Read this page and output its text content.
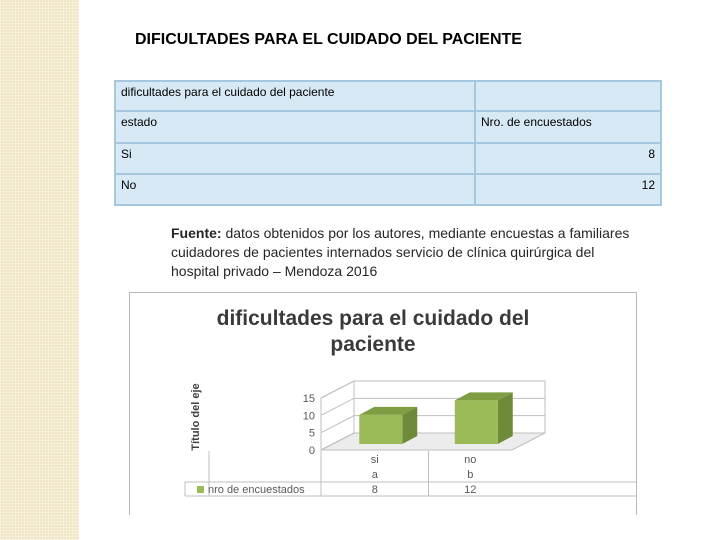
DIFICULTADES PARA EL CUIDADO DEL PACIENTE
dificultades para el cuidado del paciente	
estado	Nro. de encuestados
Si	8
No	12
Fuente: datos obtenidos por los autores, mediante encuestas a familiares cuidadores de pacientes internados servicio de clínica quirúrgica del hospital privado – Mendoza 2016
dificultades para el cuidado del
paciente
Título del eje
0
5
10
15
si
a
8
no
b
12
nro de encuestados
